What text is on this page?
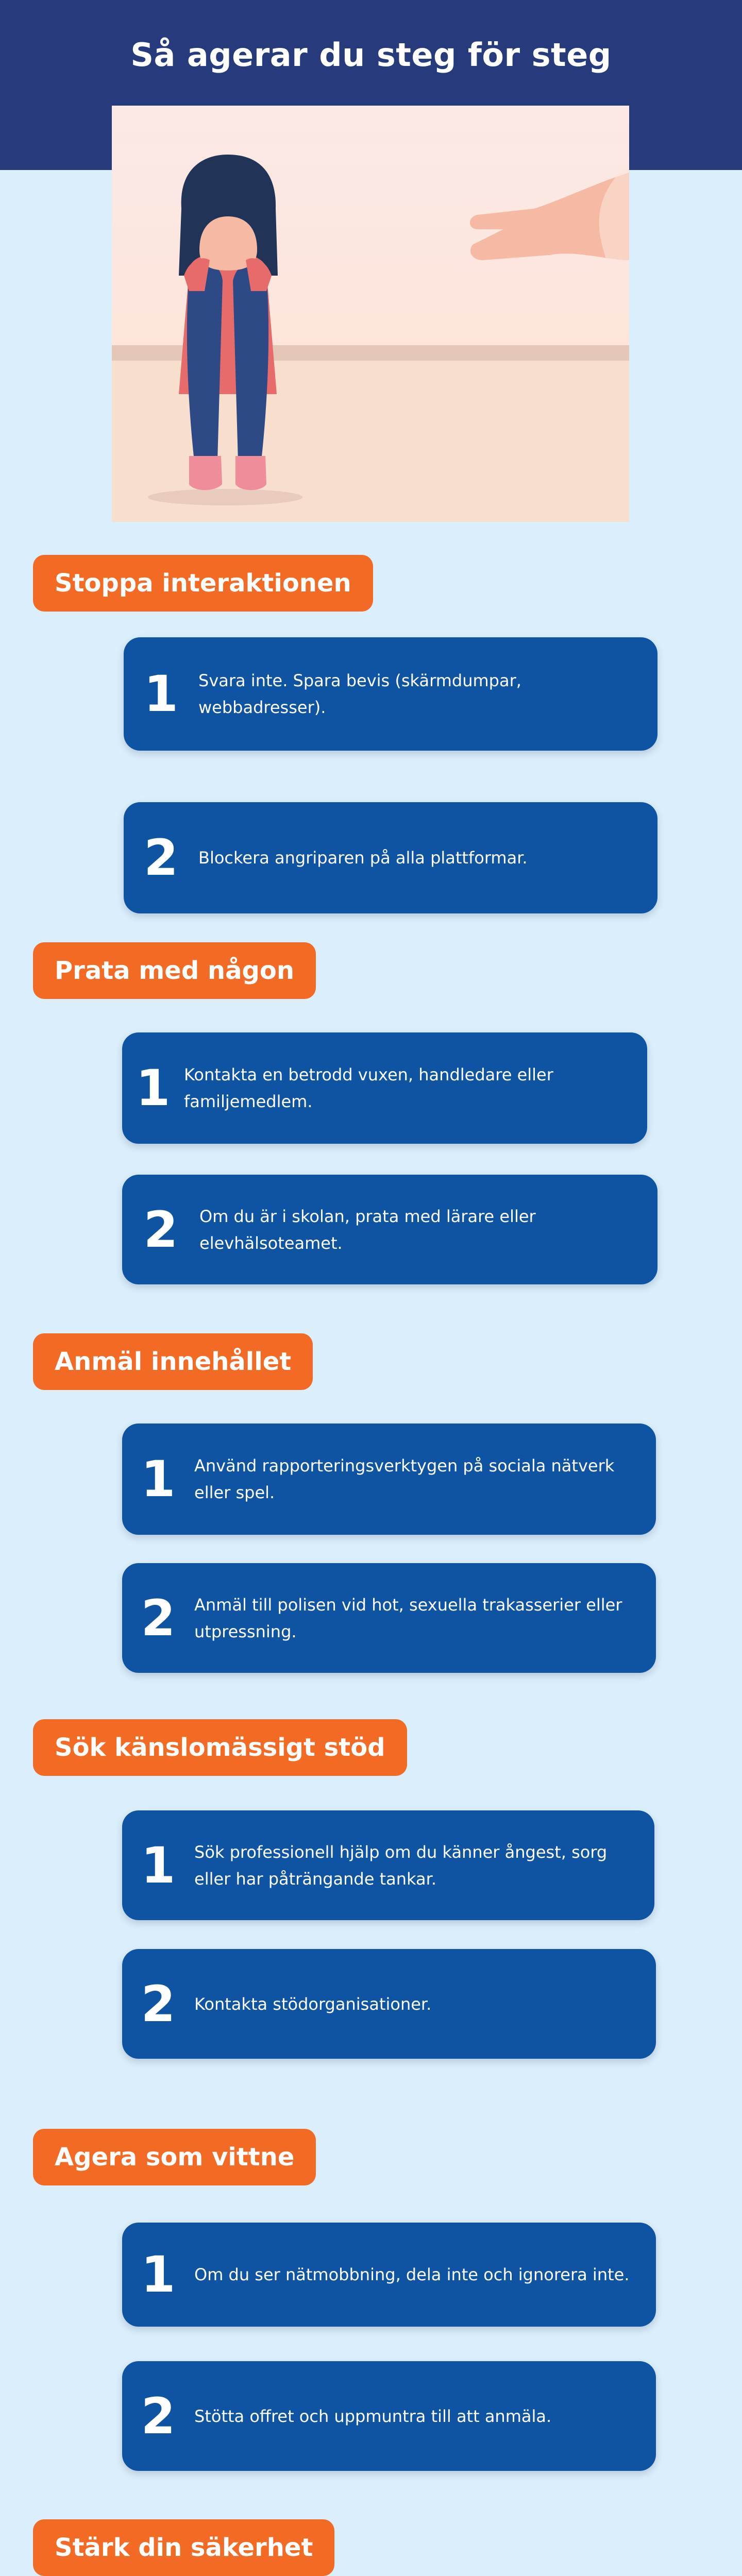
Så agerar du steg för steg
Stoppa interaktionen
1	Svara inte. Spara bevis (skärmdumpar, webbadresser).
2	Blockera angriparen på alla plattformar.
Prata med någon
1 Kontakta en betrodd vuxen, handledare eller familjemedlem.
2	Om du är i skolan, prata med lärare eller elevhälsoteamet.
Anmäl innehållet
1	Använd rapporteringsverktygen på sociala nätverk eller spel.
2	Anmäl till polisen vid hot, sexuella trakasserier eller utpressning.
Sök känslomässigt stöd
1	Sök professionell hjälp om du känner ångest, sorg eller har påträngande tankar.
2	Kontakta stödorganisationer.
Agera som vittne
1	Om du ser nätmobbning, dela inte och ignorera inte.
2	Stötta offret och uppmuntra till att anmäla.
Stärk din säkerhet
